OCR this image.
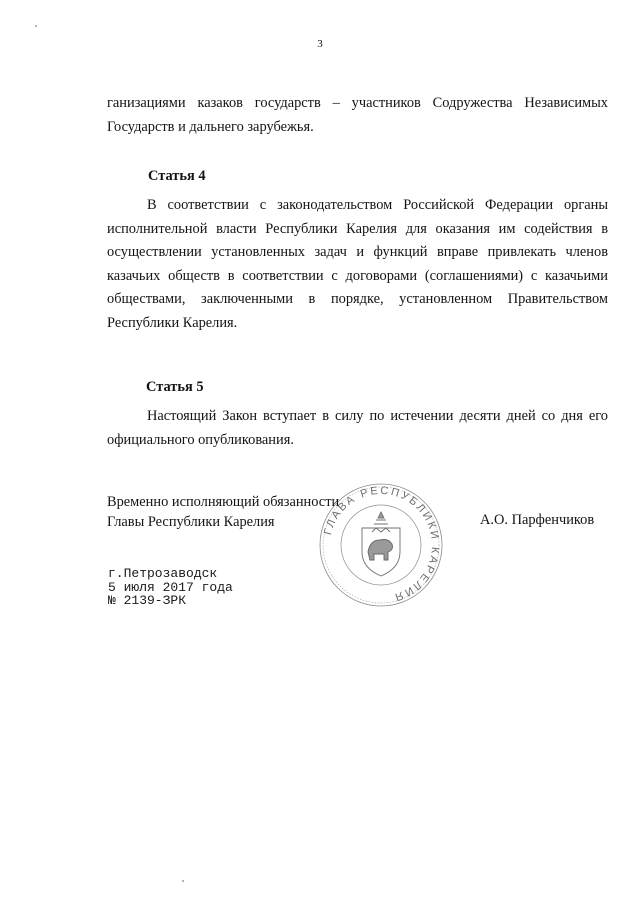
3
ганизациями казаков государств – участников Содружества Независимых
Государств и дальнего зарубежья.
Статья 4
В соответствии с законодательством Российской Федерации органы
исполнительной власти Республики Карелия для оказания им содействия в
осуществлении установленных задач и функций вправе привлекать членов
казачьих обществ в соответствии с договорами (соглашениями) с казачьими
обществами, заключенными в порядке, установленном Правительством
Республики Карелия.
Статья 5
Настоящий Закон вступает в силу по истечении десяти дней со дня его
официального опубликования.
ГЛАВА РЕСПУБЛИКИ КАРЕЛИЯ
Временно исполняющий обязанности
Главы Республики Карелия	А.О. Парфенчиков
г.Петрозаводск
5 июля 2017 года
№ 2139-ЗРК
